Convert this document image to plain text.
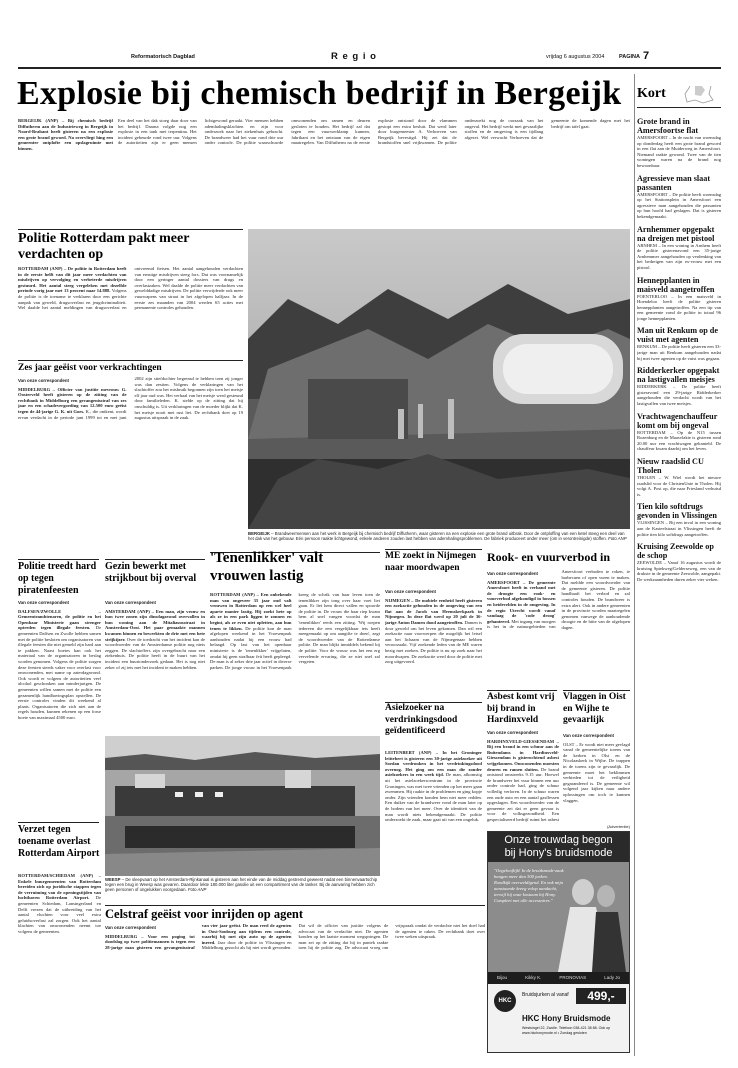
Reformatorisch Dagblad	R e g i o	vrijdag 6 augustus 2004	PAGINA 7
Explosie bij chemisch bedrijf in Bergeijk
BERGEIJK (ANP) – Bij chemisch bedrijf Diffutherm aan de Industrieweg in Bergeijk in Noord-Brabant heeft gisteren na een explosie een grote brand gewoed. Na overvliegt hing een gemeenter ontplofte een opslagruimte met binnen.
Een deel van het dak stoeg daar door van het bedrijf. Daarna volgde nog een explosie in een tank met terpentina. Het incident gebeurde rond twee uur. Volgens de autoriteiten zijn er geen mensen lichtgewond geraakt. Vier mensen hebben ademhalingsklachten en zijn voor onderzoek naar het ziekenhuis gebracht. De brandweer had het vuur rond drie uur onder controle. De politie waarschuwde omwonenden om ramen en deuren gesloten te houden. Het bedrijf zal dat tegen een vuurwerklamp kunnen, fabrikant en het ontstaan van de eigen maatregelen. Van Diffutherm na de eerste explosie ontstond door de vlammen gestopt een extra besluit. Dat werd later door burgemeester A. Verhoeven van Bergeijk bevestigd. Hij zei dat de brandstoffen snel vrijkwamen. De politie onderzoekt nog de oorzaak van het ongeval. Het bedrijf werkt met gevaarlijke stoffen en de omgeving is een tijdlang afgezet. Wel verwacht Verhoeven dat de gemeente de komende dagen met het bedrijf om tafel gaat.
Politie Rotterdam pakt meer verdachten op
ROTTERDAM (ANP) – De politie in Rotterdam heeft in de eerste helft van dit jaar meer verdachten van misdrijven op vervolging en verbeterde misdrijven gestuurd. Het aantal steeg vergeleken met dezelfde periode vorig jaar met 13 procent naar 14.888. Volgens de politie is de toename te verklaren door een gerichte aanpak van geweld, drugsoverlast en jeugdcriminaliteit. Wel daalde het aantal meldingen van drugsoverlast en ontvreemd fietsen. Het aantal aangehouden verdachten van ernstige misdrijven steeg fors. Dat was voornamelijk door een geringer aantal dossiers van drugs en overlastzaken. Wel daalde de politie meer verdachten van gewelddadige misdrijven. De politie verwijderde ook meer vuurwapens van straat in het afgelopen halfjaar. In de eerste zes maanden van 2004 werden 65 acties met permanente controles gehouden.
Zes jaar geëist voor verkrachtingen
Van onze correspondent
MIDDELBURG – Officier van justitie mevrouw G. Oosterveld heeft gisteren op de zitting van de rechtbank in Middelburg een gevangenisstraf van zes jaar en een schadevergoeding van 12.500 euro geëist tegen de 44-jarige G. K. uit Goes. K., die ontkent, wordt ervan verdacht in de periode juni 1999 tot en met juni 2002 zijn stiefdochter begrensd te hebben toen zij jonger was dan zestien. Volgens de verklaringen van het slachtoffer zou het misbruik begonnen zijn toen het meisje elf jaar oud was. Het verhaal van het meisje werd gesteund door familieleden. K. stelde op de zitting dat hij onschuldig is. Uit verklaringen van de moeder blijkt dat K. het meisje nooit met rust liet. De rechtbank doet op 19 augustus uitspraak in de zaak.
BERGEIJK – Brandweermensen aan het werk in Bergeijk bij chemisch bedrijf Diffutherm, waar gisteren na een explosie een grote brand uitbrak. Door de ontploffing van een ketel steeg een deel van het dak van het gebouw. Eén persoon raakte lichtgewond, enkele anderen zouden last hebben van ademhalingsproblemen. De fabriek produceert onder meer (om in verontreinigde) stoffen. Foto ANP
Politie treedt hard op tegen piratenfeesten
Van onze correspondent
DALFSEN/ZWOLLE – Gemeenteambtenaren, de politie en het Openbaar Ministerie gaan strenger optreden tegen illegale feesten. De gemeenten Dalfsen en Zwolle hebben samen met de politie besloten om organisatoren van illegale feesten die niet gemeld zijn hard aan te pakken. Naast boetes kan ook het materiaal van de organisatoren in beslag worden genomen. Volgens de politie zorgen deze feesten steeds vaker voor overlast voor omwonenden, met name op zaterdagavond. Ook wordt er volgens de autoriteiten veel alcohol geschonken aan minderjarigen. De gemeenten willen samen met de politie een gezamenlijk handhavingsplan opstellen. De eerste controles vinden dit weekend al plaats. Organisatoren die zich niet aan de regels houden, kunnen rekenen op een forse boete van maximaal 4500 euro.
Verzet tegen toename overlast Rotterdam Airport
ROTTERDAM/SCHIEDAM (ANP) – Enkele buurgemeenten van Rotterdam bereiden zich op juridische stappen tegen de verruiming van de openingstijden van luchthaven Rotterdam Airport. De gemeenten Schiedam, Lansingerland en Delft vrezen dat de uitbreiding van het aantal vluchten voor veel extra geluidsoverlast zal zorgen. Ook het aantal klachten van omwonenden neemt toe volgens de gemeenten.
Gezin bewerkt met strijkbout bij overval
Van onze correspondent
AMSTERDAM (ANP) – Een man, zijn vrouw en hun twee zonen zijn dinsdagavond overvallen in hun woning aan de Mitaliasusstraat in Amsterdam-Oost. Het paar gemaakte mannen kwamen binnen en bewerkten de drie met een hete strijkijzer. Over de toedracht van het incident kan de woordvoerder van de Amsterdamse politie nog niets zeggen. De slachtoffers zijn overgebracht naar een ziekenhuis. De politie heeft in de buurt van het incident een buurtonderzoek gedaan. Het is nog niet zeker of zij iets met het incident te maken hebben.
'Tenenlikker' valt vrouwen lastig
ROTTERDAM (ANP) – Een onbekende man van ongeveer 35 jaar oud valt vrouwen in Rotterdam op een wel heel aparte manier lastig. Hij zoekt hete op als ze in een park liggen te zonnen en begint, als ze even niet opletten, aan hun tenen te likken. De politie kon de man afgelopen weekend in het Vroesenpark aanhouden nadat hij een vrouw had belaagd. Op last van het openbaar ministerie is de 'tenenlikker' vrijgelaten, omdat hij geen strafbaar feit heeft gepleegd. De man is al zeker drie jaar actief in diverse parken. De jonge vrouw in het Vroesenpark kreeg de schrik van haar leven toen de tenenlikker zijn tong over haar voet liet gaan. Er liet hem direct vallen en spoorde de politie in. De vrouw die haar riep kwam hem al snel vangen voordat de man 'tenenlikker' reeds een zitting. 'Wij roepen iedereen die een vergelijkbaar iets heeft meegemaakt op om aangifte te doen', zegt de woordvoerder van de Rotterdamse politie. De man blijkt inmiddels bekend bij de politie. Voor de vrouw was het een erg vervelende ervaring, die ze niet snel zal vergeten.
WEESP – De sleepvaart op het Amsterdam-Rijnkanaal is gisteren aan het einde van de middag gestremd geweest nadat een binnenvaartschip tegen een brug in Weesp was gevaren. Daardoor lekte 180.000 liter gasolie uit een compartiment van de tanker. Bij de aanvaring hebben zich geen personen of ongelukken voorgedaan. Foto ANP
Celstraf geëist voor inrijden op agent
Van onze correspondent
MIDDELBURG – Voor een poging tot doodslag op twee politiemannen is tegen een 28-jarige man gisteren een gevangenisstraf van vier jaar geëist. De man reed de agenten in Oost-Souburg aan tijdens een controle, waarbij hij met zijn auto op de agenten inreed. Jaar door de politie in Vlissingen en Middelburg gezocht als hij niet wordt gevonden. Dat wil de officier van justitie volgens de advocaat van de verdachte niet. De agenten konden op het laatste moment wegspringen. De man zei op de zitting dat hij in paniek raakte toen hij de politie zag. De advocaat vroeg om vrijspraak omdat de verdachte niet het doel had de agenten te raken. De rechtbank doet over twee weken uitspraak.
ME zoekt in Nijmegen naar moordwapen
Van onze correspondent
NIJMEGEN – De mobiele eenheid heeft gisteren een zoekactie gehouden in de omgeving van een flat aan de Jacob van Heemskerkpark in Nijmegen. In deze flat werd op 20 juli de 36-jarige Anton Damen dood aangetroffen. Damen is door geweld om het leven gekomen. Dan wil een zoekactie naar voorwerpen die mogelijk het letsel aan het lichaam van de Nijmegenaar hebben veroorzaakt. Vijf zoekende leden van de ME waren bezig met zoeken. De politie is nu op zoek naar het moordwapen. De zoekactie werd door de politie met zorg uitgevoerd.
Asielzoeker na verdrinkingsdood geïdentificeerd
LEITENBERT (ANP) – In het Groninger leittebert is gisteren een 30-jarige asielzoeker uit Soedan verdronken in het verdrinkingsdood overnog. Het ging om een man die zonder asielzoekers in een week tijd. De man, afkomstig uit het asielzoekerscentrum in de provincie Groningen, was met twee vrienden op het meer gaan zwemmen. Hij raakte in de problemen en ging kopje onder. Zijn vrienden konden hem niet meer redden. Een duiker van de brandweer vond de man later op de bodem van het meer. Over de identiteit van de man wordt niets bekendgemaakt. De politie onderzoekt de zaak, maar gaat uit van een ongeluk.
Rook- en vuurverbod in
Van onze correspondent
AMERSFOORT – De gemeente Amersfoort heeft in verband met de droogte een rook- en vuurverbod afgekondigd in bossen en heidevelden in de omgeving. In de regio Utrecht wordt vanaf vandaag de 'code droog' gehanteerd. Met ingang van morgen is het in de natuurgebieden van Amersfoort verboden te roken, te barbecuen of open vuren te maken. Dat meldde een woordvoerder van de gemeente gisteren. De politie handhaaft het verbod en zal controles houden. De brandweer is extra alert. Ook in andere gemeenten in de provincie worden maatregelen genomen vanwege de aanhoudende droogte en de hitte van de afgelopen dagen.
Asbest komt vrij bij brand in Hardinxveld
Van onze correspondent
HARDINXVELD-GIESSENDAM – Bij een brand in een schuur aan de Buitendams in Hardinxveld-Giessendam is gisterochtend asbest vrijgekomen. Omwonenden moesten deuren en ramen sluiten. De brand ontstond omstreeks 9.15 uur. Hoewel de brandweer het vuur binnen een uur onder controle had, ging de schuur volledig verloren. In de schuur waren een oude auto en een aantal gasflessen opgeslagen. Een woordvoerder van de gemeente zei dat er geen gevaar is voor de volksgezondheid. Een gespecialiseerd bedrijf ruimt het asbest
Vlaggen in Oist en Wijhe te gevaarlijk
Van onze correspondent
OLST – Er wordt niet meer gevlagd vanaf de gemeentelijke torens van de kerken in Olst en de Nicolaaskerk in Wijhe. De trappen in de torens zijn te gevaarlijk. De gemeente moet het beklimmen verbieden tot de veiligheid gegarandeerd is. De gemeente wil volgend jaar kijken naar andere oplossingen om toch te kunnen vlaggen.
(Advertentie)
Onze trouwdag begon
bij Hony's bruidsmode
"Ongelooflijk! In de bruidsmode-zaak hangen meer dan 300 jurken. Rondkijk overweldigend. En ook mijn aanstaande kreeg volop aandacht, terwijl hij onze kostuum bij Hony. Compleet met alle accessoires."
Bijou	Kikky K.	PRONOVIAS	Lady Jo
HKC
Bruidsjurken al vanaf	499,-
HKC Hony Bruidsmode
Westsingel 22, Zwolle. Telefoon 038-421 38 88. Ook op www.hkchonymode.nl • Zondag gesloten
Kort
Grote brand in Amersfoortse flat

AMERSFOORT – In de nacht van woensdag op donderdag heeft een grote brand gewoed in een flat aan de Muiderweg in Amersfoort. Niemand raakte gewond. Twee van de tien woningen waren na de brand nog bewoonbaar.

Agressieve man slaat passanten

AMERSFOORT – De politie heeft woensdag op het Stationsplein in Amersfoort een agressieve man aangehouden die passanten op hun hoofd had geslagen. Dat is gisteren bekendgemaakt.

Arnhemmer opgepakt na dreigen met pistool

ARNHEM – In een woning in Arnhem heeft de politie gisterenavond een 35-jarige Arnhemmer aangehouden op verdenking van het bedreigen van zijn ex-vrouw met een pistool.

Hennepplanten in maisveld aangetroffen

FOENTERLOO – In een maisveld in Hoendeloo heeft de politie gisteren hennepplanten aangetroffen. Na een tip van een gemeente vond de politie in totaal 96 jonge hennepplanten.

Man uit Renkum op de vuist met agenten

RENKUM – De politie heeft gisteren een 33-jarige man uit Renkum aangehouden nadat hij met twee agenten op de vuist was gegaan.

Ridderkerker opgepakt na lastigvallen meisjes

RIDDERKERK – De politie heeft gisteravond een 29-jarige Ridderkerker aangehouden die verdacht wordt van het lastigvallen van twee meisjes.

Vrachtwagenchauffeur komt om bij ongeval

ROTTERDAM – Op de N15 tussen Rozenburg en de Maasvlakte is gisteren rond 20.00 uur een vrachtwagen gekanteld. De chauffeur kwam daarbij om het leven.

Nieuw raadslid CU Tholen

THOLEN – W. Wiel wordt het nieuwe raadslid voor de ChristenUnie in Tholen. Hij volgt A. Post op, die naar Friesland verhuisd is.

Tien kilo softdrugs gevonden in Vlissingen

VLISSINGEN – Bij een inval in een woning aan de Kasteelstraat in Vlissingen heeft de politie tien kilo softdrugs aangetroffen.

Kruising Zeewolde op de schop

ZEEWOLDE – Vanaf 16 augustus wordt de kruising Spiekweg/Gelderseweg, een van de drukste in de gemeente Zeewolde, aangepakt. De werkzaamheden duren zeker vier weken.
